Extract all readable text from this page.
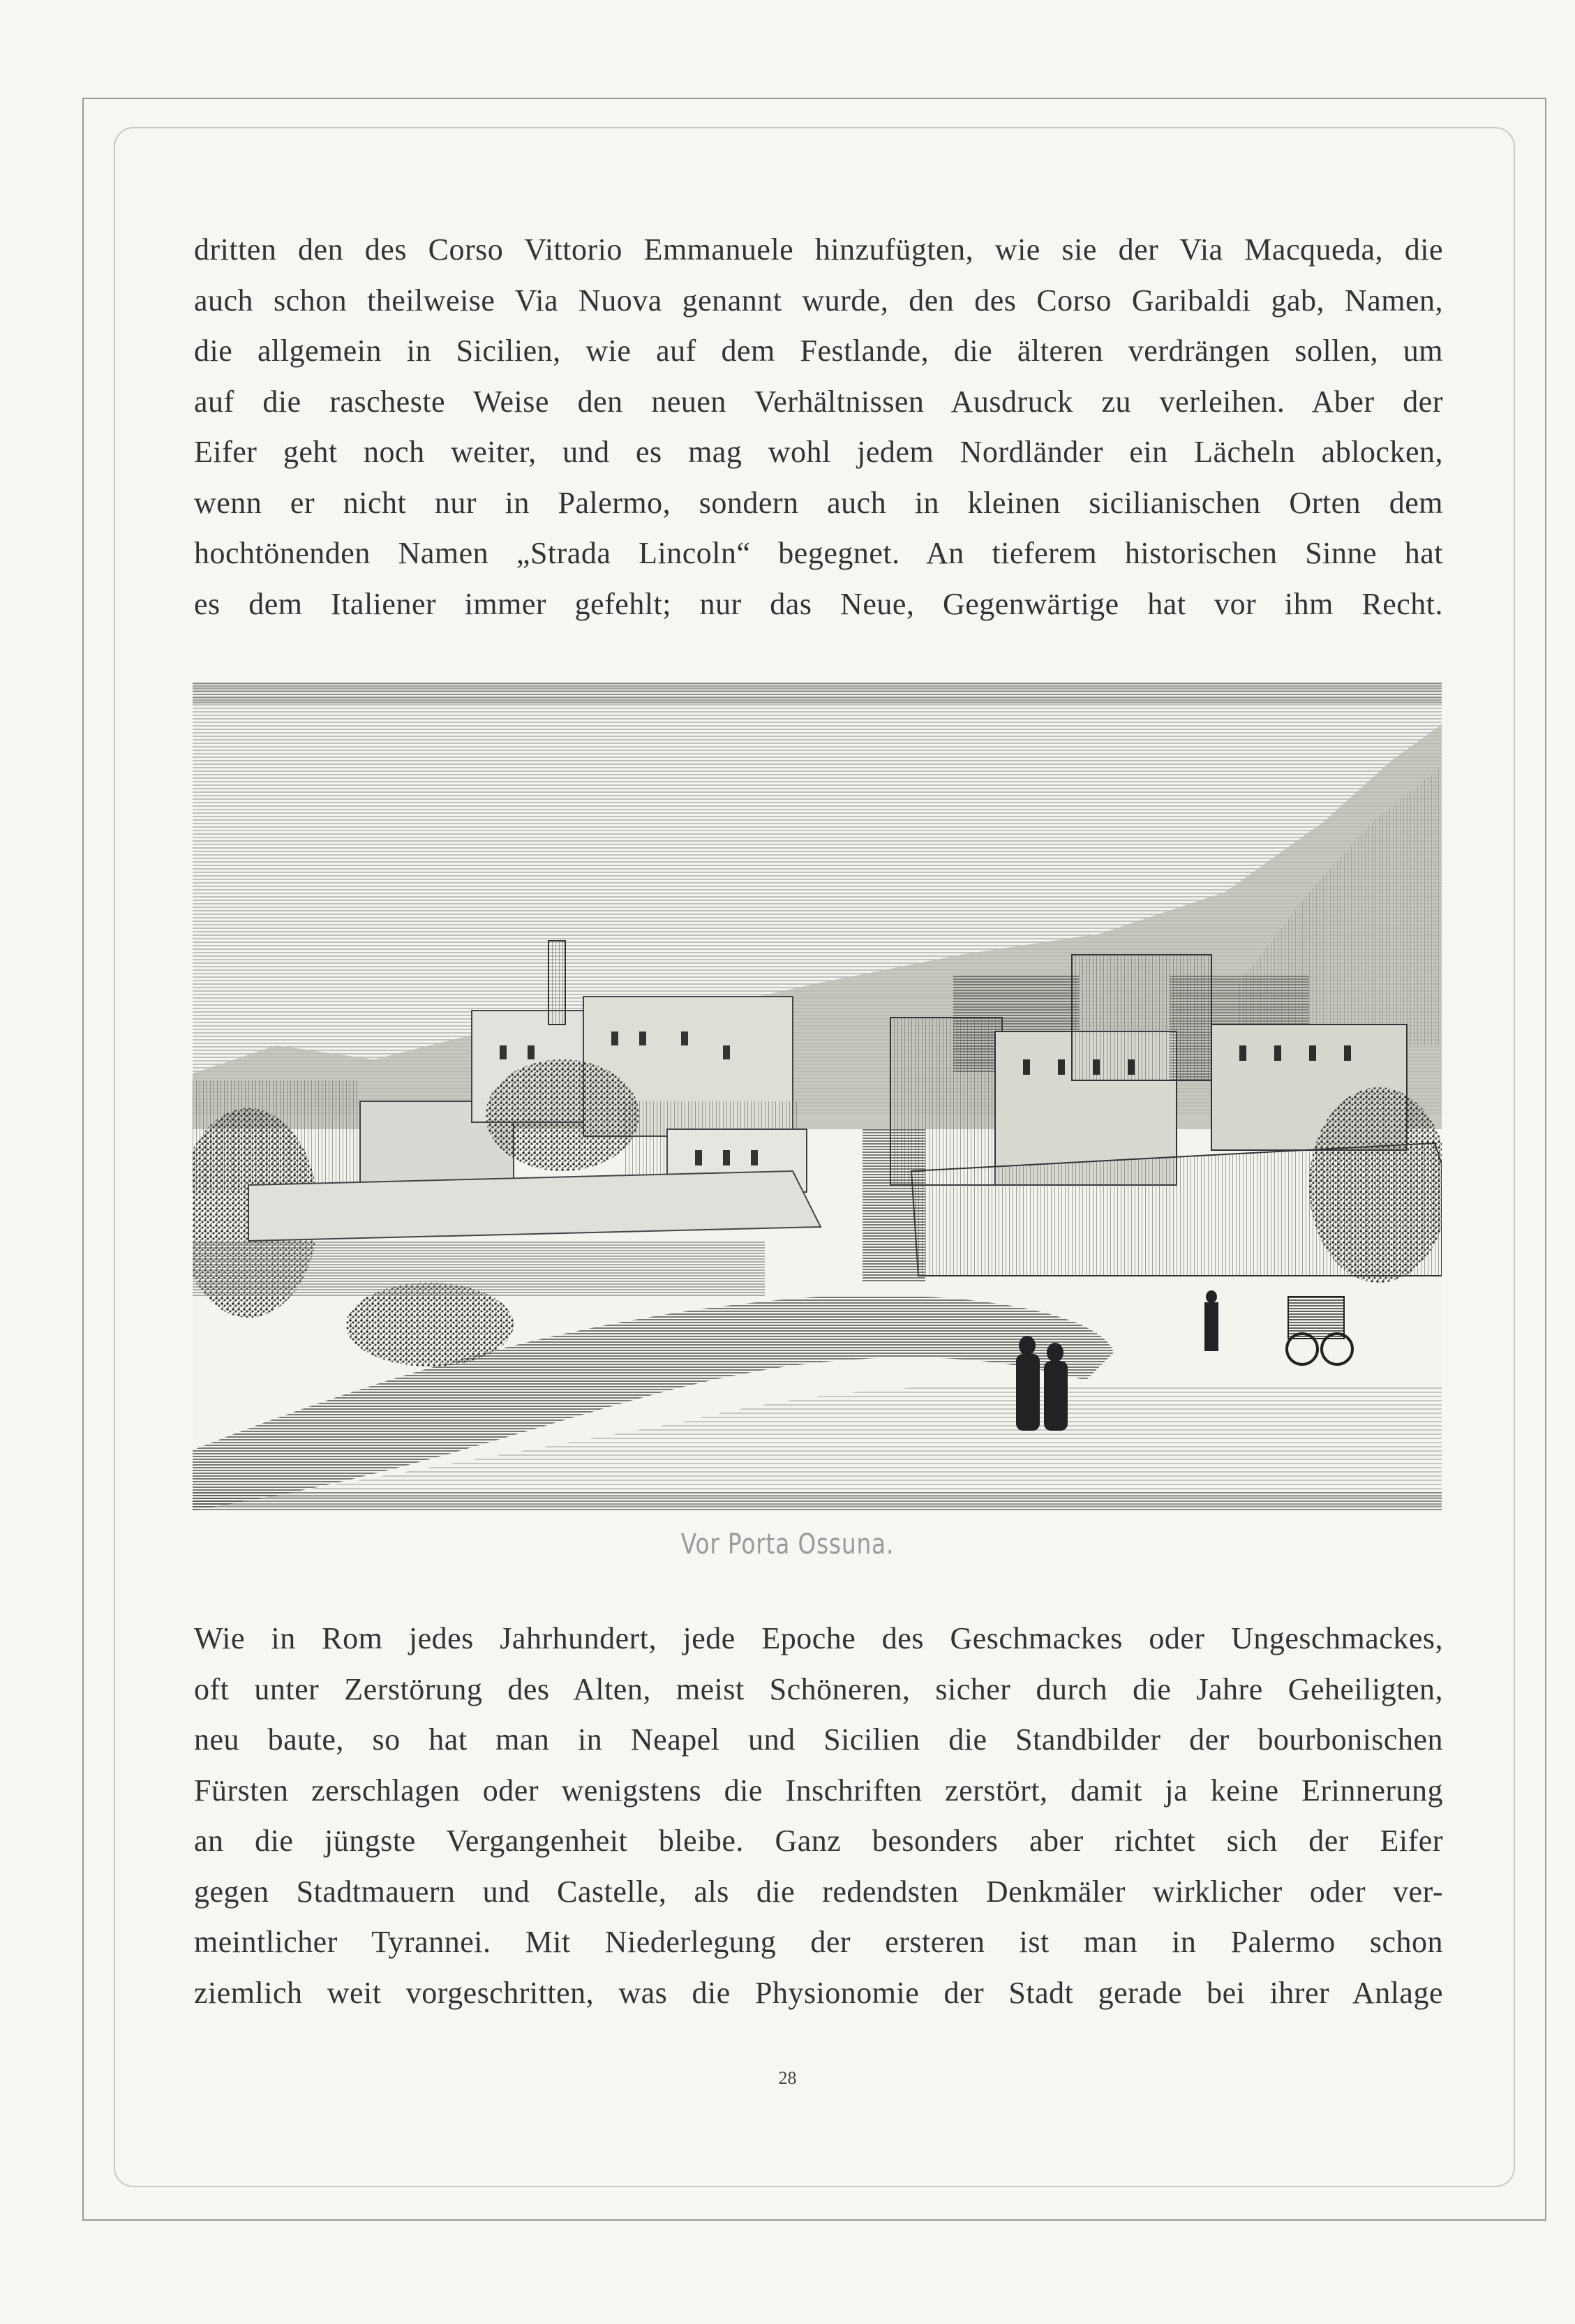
dritten den des Corso Vittorio Emmanuele hinzufügten, wie sie der Via Macqueda, die
auch schon theilweise Via Nuova genannt wurde, den des Corso Garibaldi gab, Namen,
die allgemein in Sicilien, wie auf dem Festlande, die älteren verdrängen sollen, um
auf die rascheste Weise den neuen Verhältnissen Ausdruck zu verleihen. Aber der
Eifer geht noch weiter, und es mag wohl jedem Nordländer ein Lächeln ablocken,
wenn er nicht nur in Palermo, sondern auch in kleinen sicilianischen Orten dem
hochtönenden Namen „Strada Lincoln“ begegnet. An tieferem historischen Sinne hat
es dem Italiener immer gefehlt; nur das Neue, Gegenwärtige hat vor ihm Recht.
Vor Porta Ossuna.
Wie in Rom jedes Jahrhundert, jede Epoche des Geschmackes oder Ungeschmackes,
oft unter Zerstörung des Alten, meist Schöneren, sicher durch die Jahre Geheiligten,
neu baute, so hat man in Neapel und Sicilien die Standbilder der bourbonischen
Fürsten zerschlagen oder wenigstens die Inschriften zerstört, damit ja keine Erinnerung
an die jüngste Vergangenheit bleibe. Ganz besonders aber richtet sich der Eifer
gegen Stadtmauern und Castelle, als die redendsten Denkmäler wirklicher oder ver-
meintlicher Tyrannei. Mit Niederlegung der ersteren ist man in Palermo schon
ziemlich weit vorgeschritten, was die Physionomie der Stadt gerade bei ihrer Anlage
28
